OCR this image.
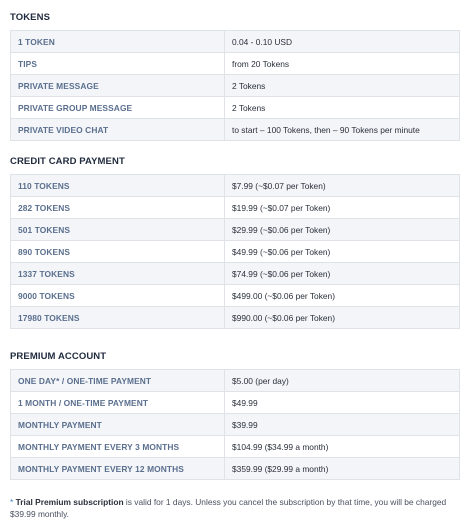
TOKENS
1 TOKEN	0.04 - 0.10 USD
TIPS	from 20 Tokens
PRIVATE MESSAGE	2 Tokens
PRIVATE GROUP MESSAGE	2 Tokens
PRIVATE VIDEO CHAT	to start – 100 Tokens, then – 90 Tokens per minute
CREDIT CARD PAYMENT
110 TOKENS	$7.99 (~$0.07 per Token)
282 TOKENS	$19.99 (~$0.07 per Token)
501 TOKENS	$29.99 (~$0.06 per Token)
890 TOKENS	$49.99 (~$0.06 per Token)
1337 TOKENS	$74.99 (~$0.06 per Token)
9000 TOKENS	$499.00 (~$0.06 per Token)
17980 TOKENS	$990.00 (~$0.06 per Token)
PREMIUM ACCOUNT
ONE DAY* / ONE-TIME PAYMENT	$5.00 (per day)
1 MONTH / ONE-TIME PAYMENT	$49.99
MONTHLY PAYMENT	$39.99
MONTHLY PAYMENT EVERY 3 MONTHS	$104.99 ($34.99 a month)
MONTHLY PAYMENT EVERY 12 MONTHS	$359.99 ($29.99 a month)
* Trial Premium subscription is valid for 1 days. Unless you cancel the subscription by that time, you will be charged $39.99 monthly.
